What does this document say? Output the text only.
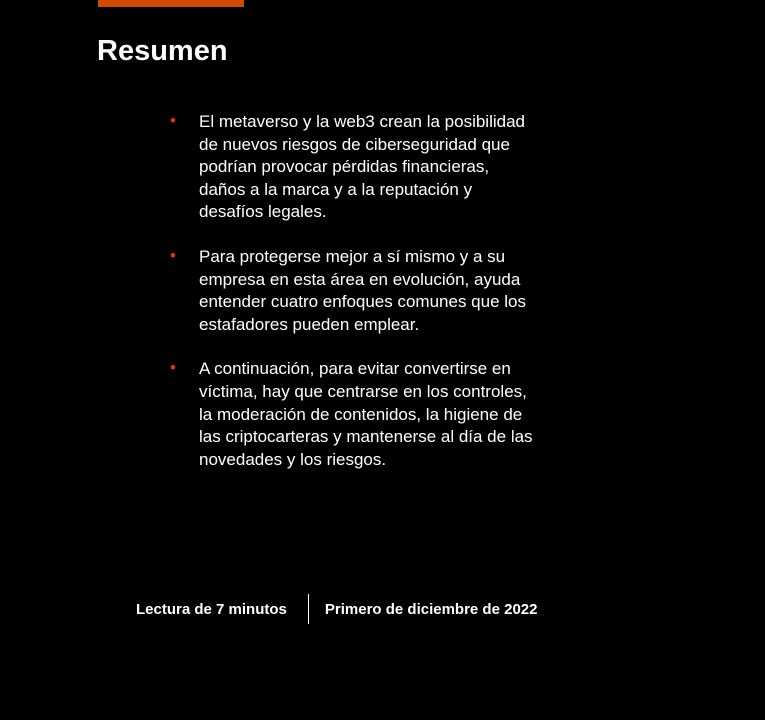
Resumen
• El metaverso y la web3 crean la posibilidad de nuevos riesgos de ciberseguridad que podrían provocar pérdidas financieras, daños a la marca y a la reputación y desafíos legales.
• Para protegerse mejor a sí mismo y a su empresa en esta área en evolución, ayuda entender cuatro enfoques comunes que los estafadores pueden emplear.
• A continuación, para evitar convertirse en víctima, hay que centrarse en los controles, la moderación de contenidos, la higiene de las criptocarteras y mantenerse al día de las novedades y los riesgos.
Lectura de 7 minutos	Primero de diciembre de 2022
